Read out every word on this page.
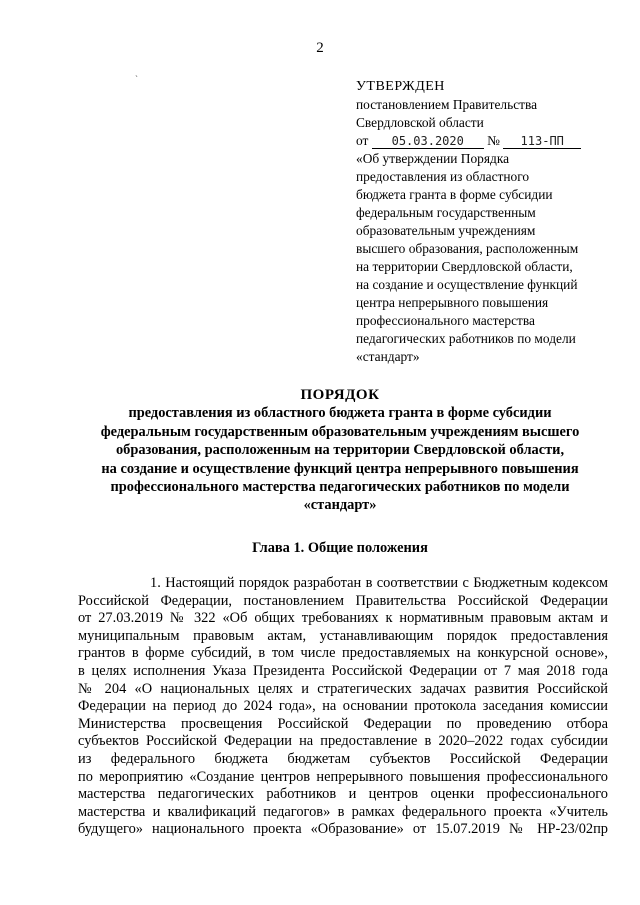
2
`	УТВЕРЖДЕН
постановлением Правительства
Свердловской области
от 05.03.2020 № 113-ПП
«Об утверждении Порядка
предоставления из областного
бюджета гранта в форме субсидии
федеральным государственным
образовательным учреждениям
высшего образования, расположенным
на территории Свердловской области,
на создание и осуществление функций
центра непрерывного повышения
профессионального мастерства
педагогических работников по модели
«стандарт»
ПОРЯДОК
предоставления из областного бюджета гранта в форме субсидии
федеральным государственным образовательным учреждениям высшего
образования, расположенным на территории Свердловской области,
на создание и осуществление функций центра непрерывного повышения
профессионального мастерства педагогических работников по модели
«стандарт»
Глава 1. Общие положения
1. Настоящий порядок разработан в соответствии с Бюджетным кодексом
Российской Федерации, постановлением Правительства Российской Федерации
от 27.03.2019 № 322 «Об общих требованиях к нормативным правовым актам и
муниципальным правовым актам, устанавливающим порядок предоставления
грантов в форме субсидий, в том числе предоставляемых на конкурсной основе»,
в целях исполнения Указа Президента Российской Федерации от 7 мая 2018 года
№ 204 «О национальных целях и стратегических задачах развития Российской
Федерации на период до 2024 года», на основании протокола заседания комиссии
Министерства просвещения Российской Федерации по проведению отбора
субъектов Российской Федерации на предоставление в 2020–2022 годах субсидии
из федерального бюджета бюджетам субъектов Российской Федерации
по мероприятию «Создание центров непрерывного повышения профессионального
мастерства педагогических работников и центров оценки профессионального
мастерства и квалификаций педагогов» в рамках федерального проекта «Учитель
будущего» национального проекта «Образование» от 15.07.2019 № НР-23/02пр
